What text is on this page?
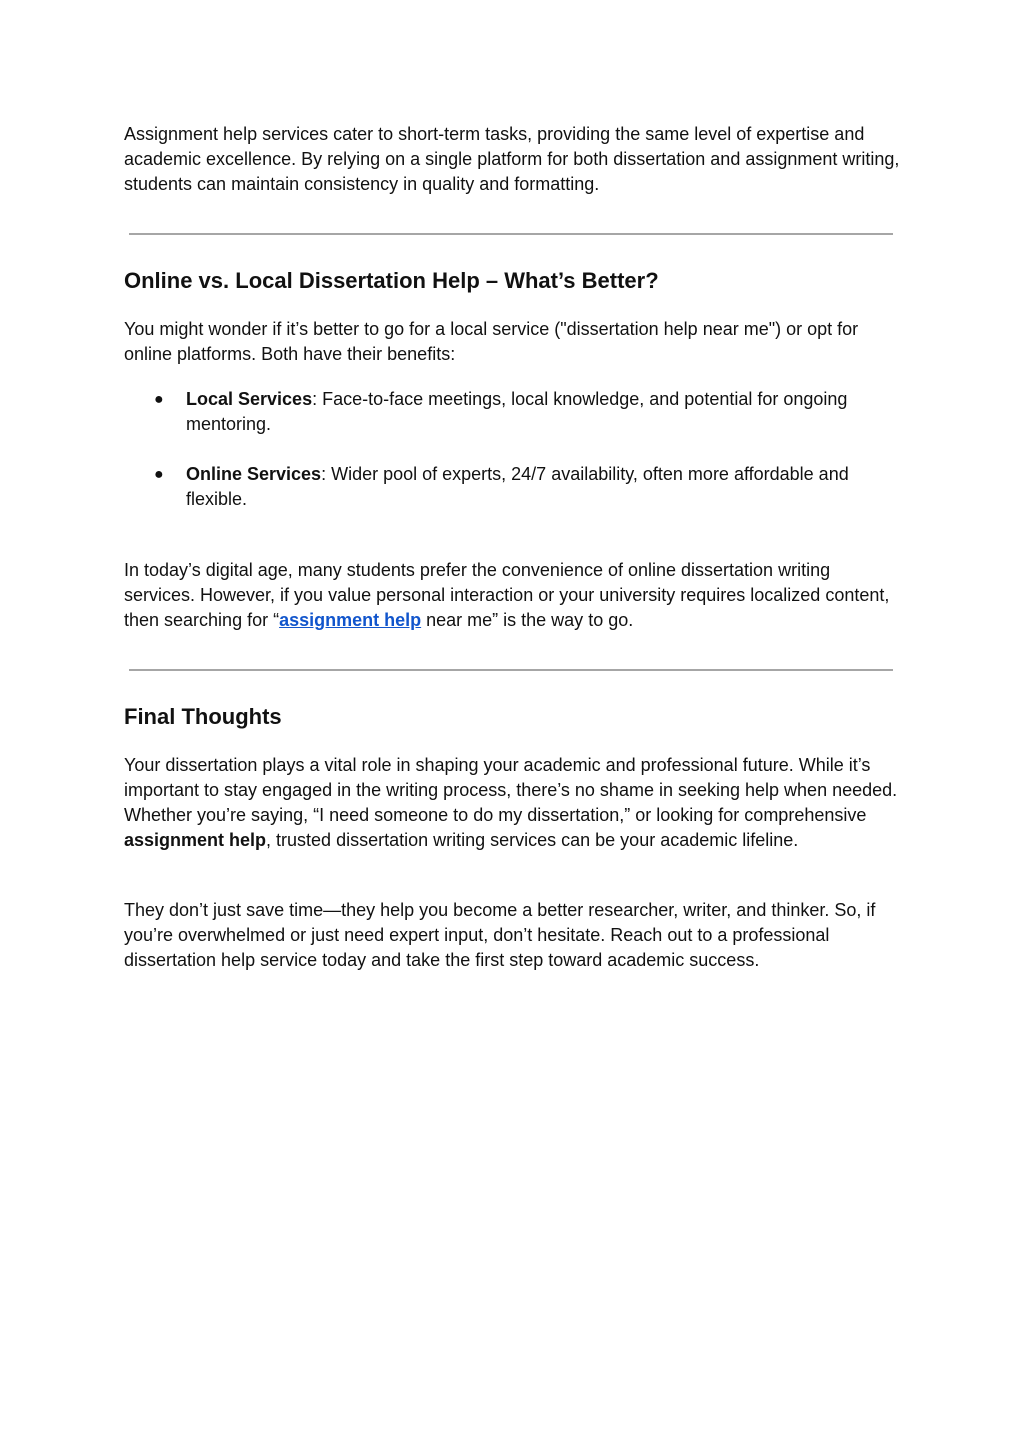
Assignment help services cater to short-term tasks, providing the same level of expertise and academic excellence. By relying on a single platform for both dissertation and assignment writing, students can maintain consistency in quality and formatting.

Online vs. Local Dissertation Help – What’s Better?

You might wonder if it’s better to go for a local service ("dissertation help near me") or opt for online platforms. Both have their benefits:

● Local Services: Face-to-face meetings, local knowledge, and potential for ongoing mentoring.
● Online Services: Wider pool of experts, 24/7 availability, often more affordable and flexible.

In today’s digital age, many students prefer the convenience of online dissertation writing services. However, if you value personal interaction or your university requires localized content, then searching for “assignment help near me” is the way to go.

Final Thoughts

Your dissertation plays a vital role in shaping your academic and professional future. While it’s important to stay engaged in the writing process, there’s no shame in seeking help when needed. Whether you’re saying, “I need someone to do my dissertation,” or looking for comprehensive assignment help, trusted dissertation writing services can be your academic lifeline.

They don’t just save time—they help you become a better researcher, writer, and thinker. So, if you’re overwhelmed or just need expert input, don’t hesitate. Reach out to a professional dissertation help service today and take the first step toward academic success.
